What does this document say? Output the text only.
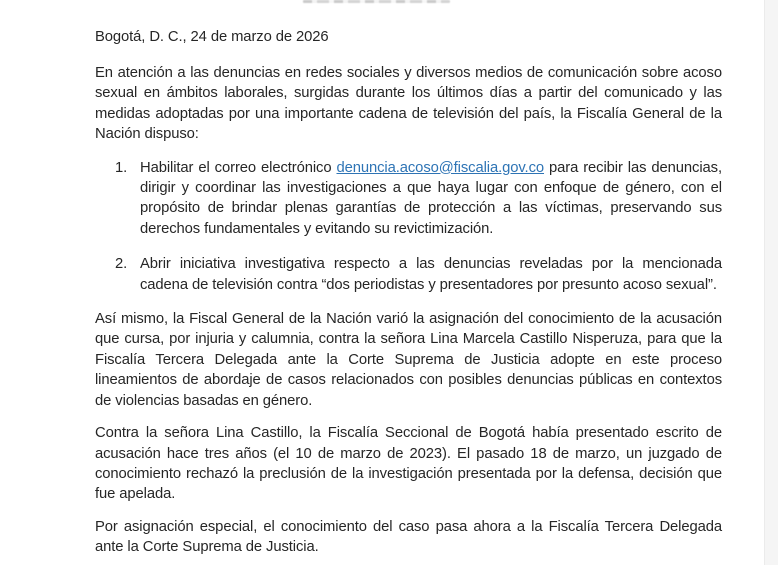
Bogotá, D. C., 24 de marzo de 2026

En atención a las denuncias en redes sociales y diversos medios de comunicación sobre acoso sexual en ámbitos laborales, surgidas durante los últimos días a partir del comunicado y las medidas adoptadas por una importante cadena de televisión del país, la Fiscalía General de la Nación dispuso:

1. Habilitar el correo electrónico denuncia.acoso@fiscalia.gov.co para recibir las denuncias, dirigir y coordinar las investigaciones a que haya lugar con enfoque de género, con el propósito de brindar plenas garantías de protección a las víctimas, preservando sus derechos fundamentales y evitando su revictimización.
2. Abrir iniciativa investigativa respecto a las denuncias reveladas por la mencionada cadena de televisión contra “dos periodistas y presentadores por presunto acoso sexual”.

Así mismo, la Fiscal General de la Nación varió la asignación del conocimiento de la acusación que cursa, por injuria y calumnia, contra la señora Lina Marcela Castillo Nisperuza, para que la Fiscalía Tercera Delegada ante la Corte Suprema de Justicia adopte en este proceso lineamientos de abordaje de casos relacionados con posibles denuncias públicas en contextos de violencias basadas en género.

Contra la señora Lina Castillo, la Fiscalía Seccional de Bogotá había presentado escrito de acusación hace tres años (el 10 de marzo de 2023). El pasado 18 de marzo, un juzgado de conocimiento rechazó la preclusión de la investigación presentada por la defensa, decisión que fue apelada.

Por asignación especial, el conocimiento del caso pasa ahora a la Fiscalía Tercera Delegada ante la Corte Suprema de Justicia.
